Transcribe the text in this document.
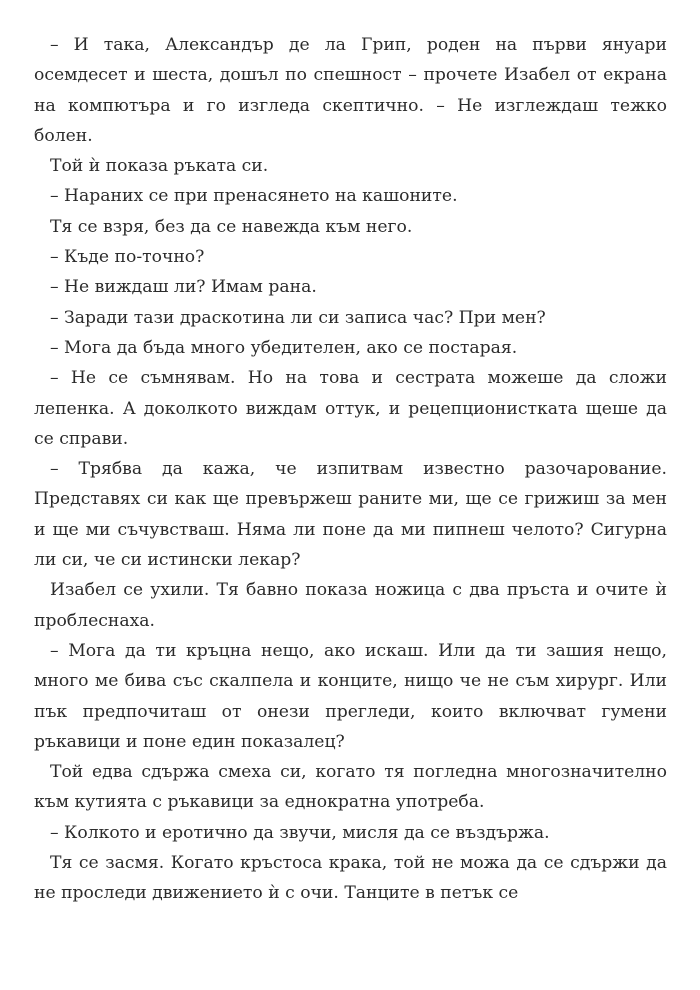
– И така, Александър де ла Грип, роден на първи януари осемдесет и шеста, дошъл по спешност – прочете Изабел от екрана на компютъра и го изгледа скептично. – Не изглеждаш тежко болен.

Той ѝ показа ръката си.

– Нараних се при пренасянето на кашоните.

Тя се взря, без да се навежда към него.

– Къде по-точно?

– Не виждаш ли? Имам рана.

– Заради тази драскотина ли си записа час? При мен?

– Мога да бъда много убедителен, ако се постарая.

– Не се съмнявам. Но на това и сестрата можеше да сложи лепенка. А доколкото виждам оттук, и рецепционистката щеше да се справи.

– Трябва да кажа, че изпитвам известно разочарование. Представях си как ще превържеш раните ми, ще се грижиш за мен и ще ми съчувстваш. Няма ли поне да ми пипнеш челото? Сигурна ли си, че си истински лекар?

Изабел се ухили. Тя бавно показа ножица с два пръста и очите ѝ проблеснаха.

– Мога да ти кръцна нещо, ако искаш. Или да ти зашия нещо, много ме бива със скалпела и конците, нищо че не съм хирург. Или пък предпочиташ от онези прегледи, които включват гумени ръкавици и поне един показалец?

Той едва сдържа смеха си, когато тя погледна многозначително към кутията с ръкавици за еднократна употреба.

– Колкото и еротично да звучи, мисля да се въздържа.

Тя се засмя. Когато кръстоса крака, той не можа да се сдържи да не проследи движението ѝ с очи. Танците в петък се
